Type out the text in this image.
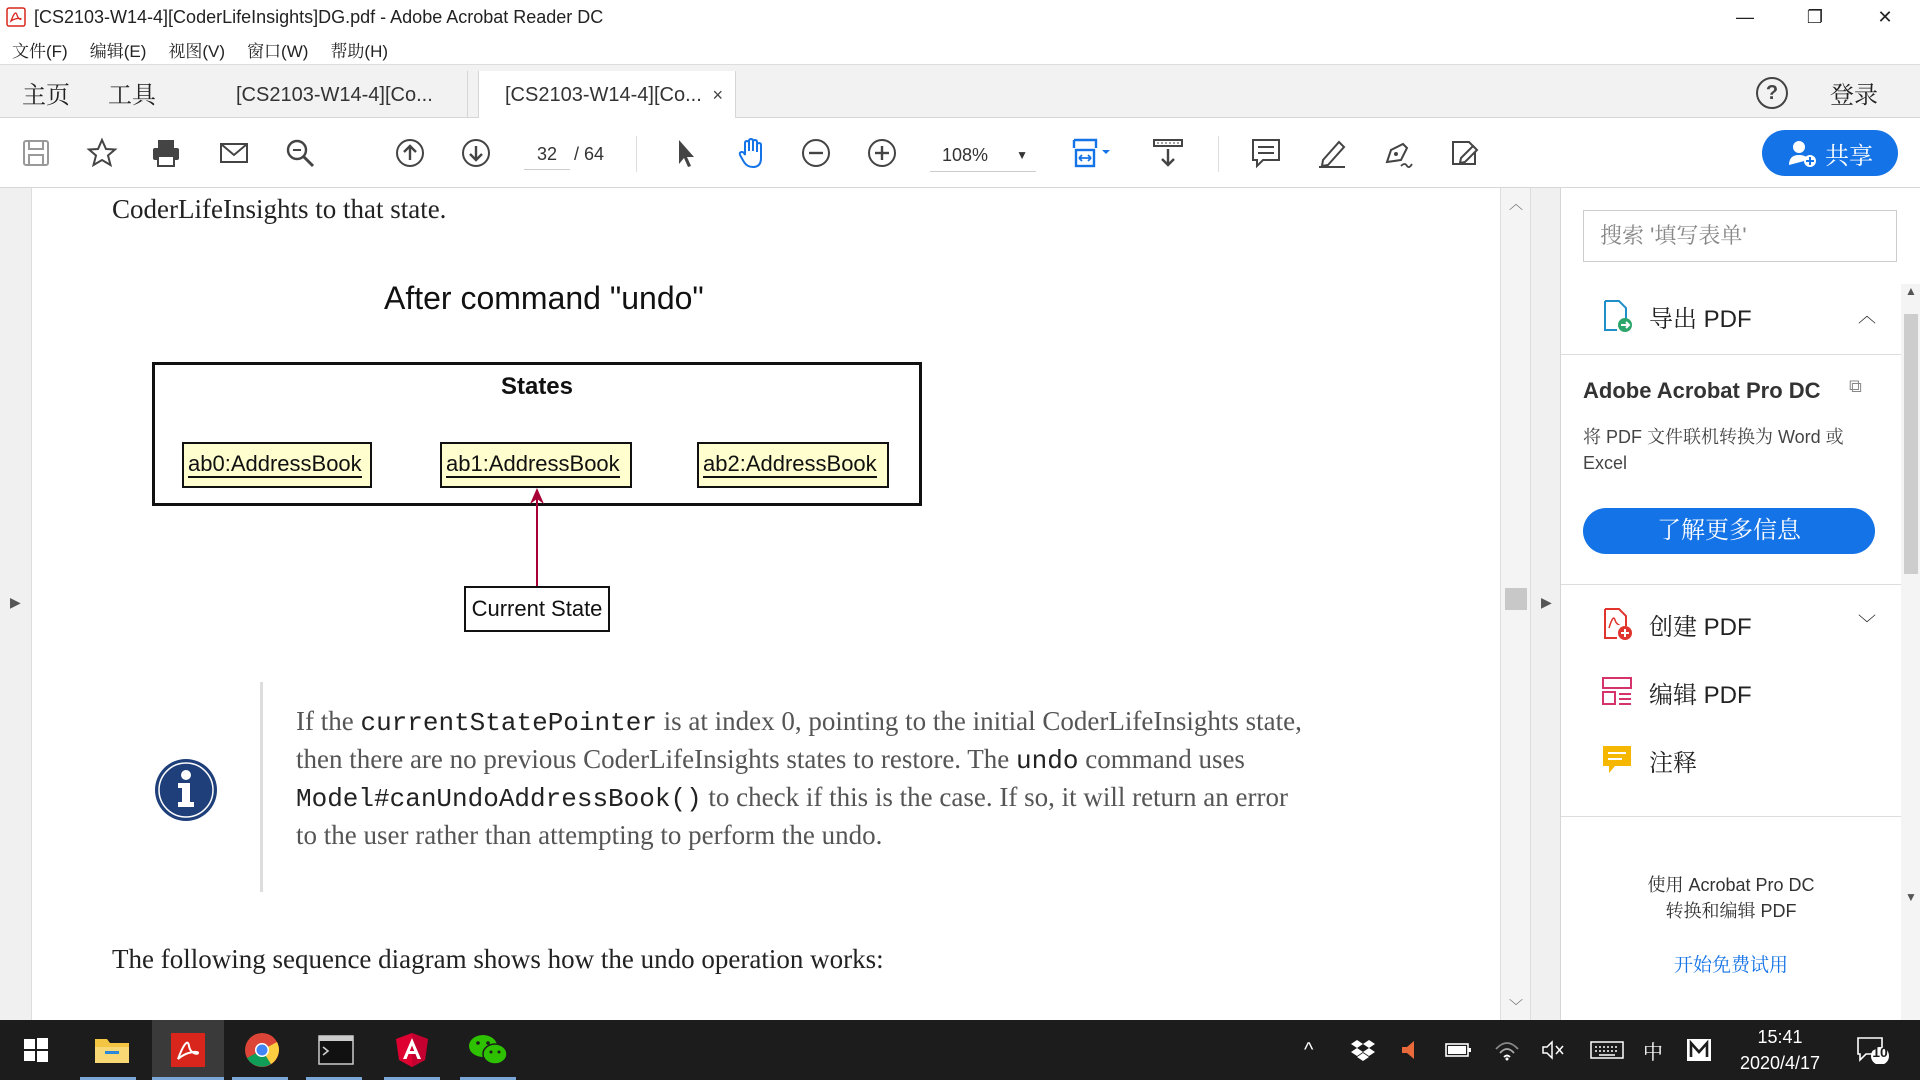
[CS2103-W14-4][CoderLifeInsights]DG.pdf - Adobe Acrobat Reader DC	—	❐	✕
文件(F) 编辑(E) 视图(V) 窗口(W) 帮助(H)
主页 工具	[CS2103-W14-4][Co...	[CS2103-W14-4][Co... ×	?	登录
32 / 64	108% ▼	共享
▶
CoderLifeInsights to that state.
After command "undo"
States
ab0:AddressBook	ab1:AddressBook	ab2:AddressBook
Current State
If the currentStatePointer is at index 0, pointing to the initial CoderLifeInsights state,
then there are no previous CoderLifeInsights states to restore. The undo command uses
Model#canUndoAddressBook() to check if this is the case. If so, it will return an error
to the user rather than attempting to perform the undo.
The following sequence diagram shows how the undo operation works:
︿
﹀
▶
搜索 '填写表单'
导出 PDF	︿
Adobe Acrobat Pro DC ⧉
将 PDF 文件联机转换为 Word 或 Excel
了解更多信息
创建 PDF	﹀
编辑 PDF
注释
使用 Acrobat Pro DC
转换和编辑 PDF
开始免费试用
▲
▼
^	中
15:41
2020/4/17
10
